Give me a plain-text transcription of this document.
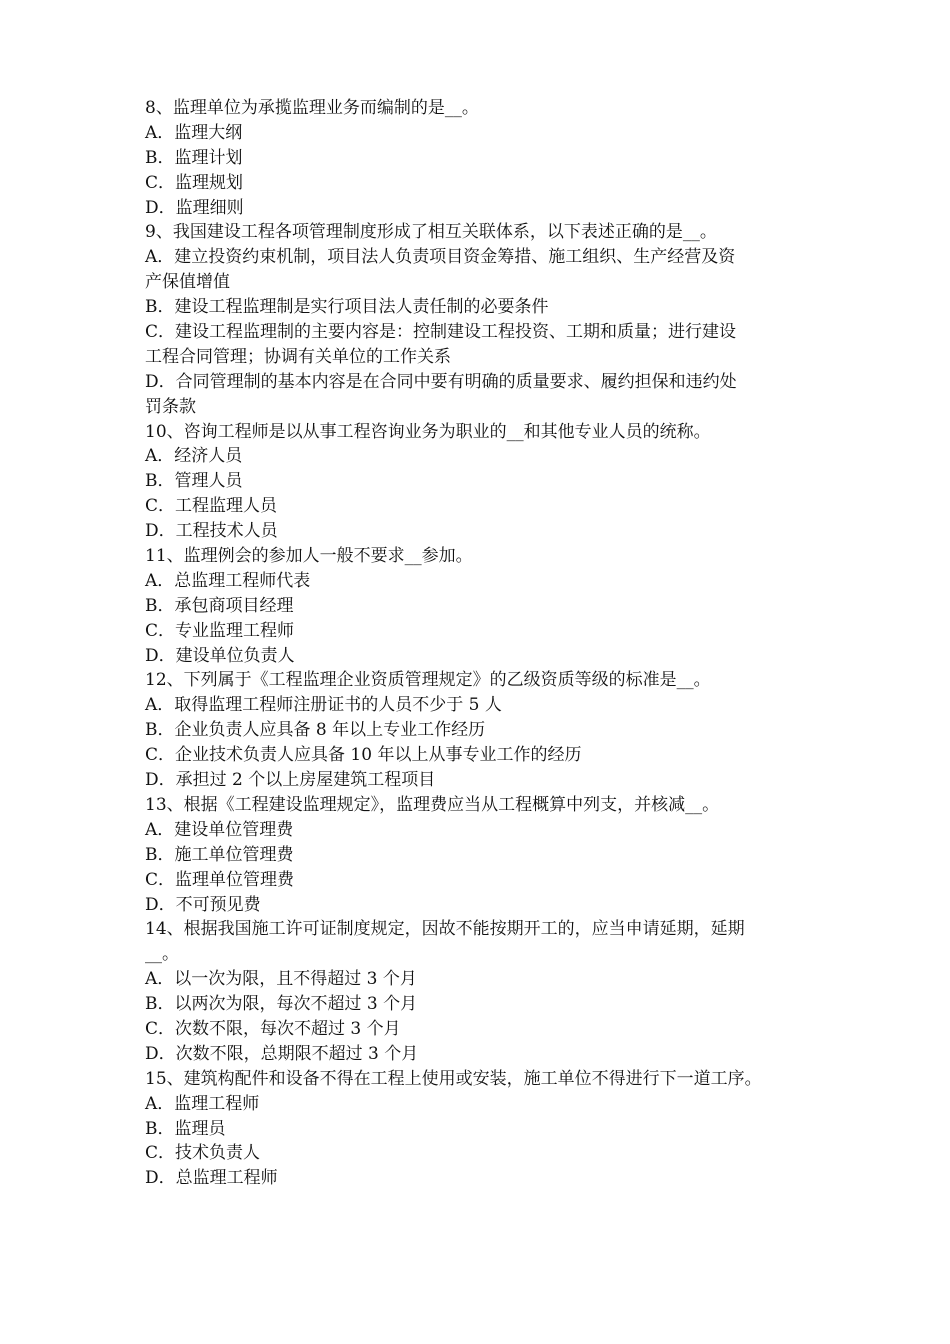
8、监理单位为承揽监理业务而编制的是__。
A．监理大纲
B．监理计划
C．监理规划
D．监理细则
9、我国建设工程各项管理制度形成了相互关联体系，以下表述正确的是__。
A．建立投资约束机制，项目法人负责项目资金筹措、施工组织、生产经营及资
产保值增值
B．建设工程监理制是实行项目法人责任制的必要条件
C．建设工程监理制的主要内容是：控制建设工程投资、工期和质量；进行建设
工程合同管理；协调有关单位的工作关系
D．合同管理制的基本内容是在合同中要有明确的质量要求、履约担保和违约处
罚条款
10、咨询工程师是以从事工程咨询业务为职业的__和其他专业人员的统称。
A．经济人员
B．管理人员
C．工程监理人员
D．工程技术人员
11、监理例会的参加人一般不要求__参加。
A．总监理工程师代表
B．承包商项目经理
C．专业监理工程师
D．建设单位负责人
12、下列属于《工程监理企业资质管理规定》的乙级资质等级的标准是__。
A．取得监理工程师注册证书的人员不少于 5 人
B．企业负责人应具备 8 年以上专业工作经历
C．企业技术负责人应具备 10 年以上从事专业工作的经历
D．承担过 2 个以上房屋建筑工程项目
13、根据《工程建设监理规定》，监理费应当从工程概算中列支，并核减__。
A．建设单位管理费
B．施工单位管理费
C．监理单位管理费
D．不可预见费
14、根据我国施工许可证制度规定，因故不能按期开工的，应当申请延期，延期
__。
A．以一次为限，且不得超过 3 个月
B．以两次为限，每次不超过 3 个月
C．次数不限，每次不超过 3 个月
D．次数不限，总期限不超过 3 个月
15、建筑构配件和设备不得在工程上使用或安装，施工单位不得进行下一道工序。
A．监理工程师
B．监理员
C．技术负责人
D．总监理工程师
